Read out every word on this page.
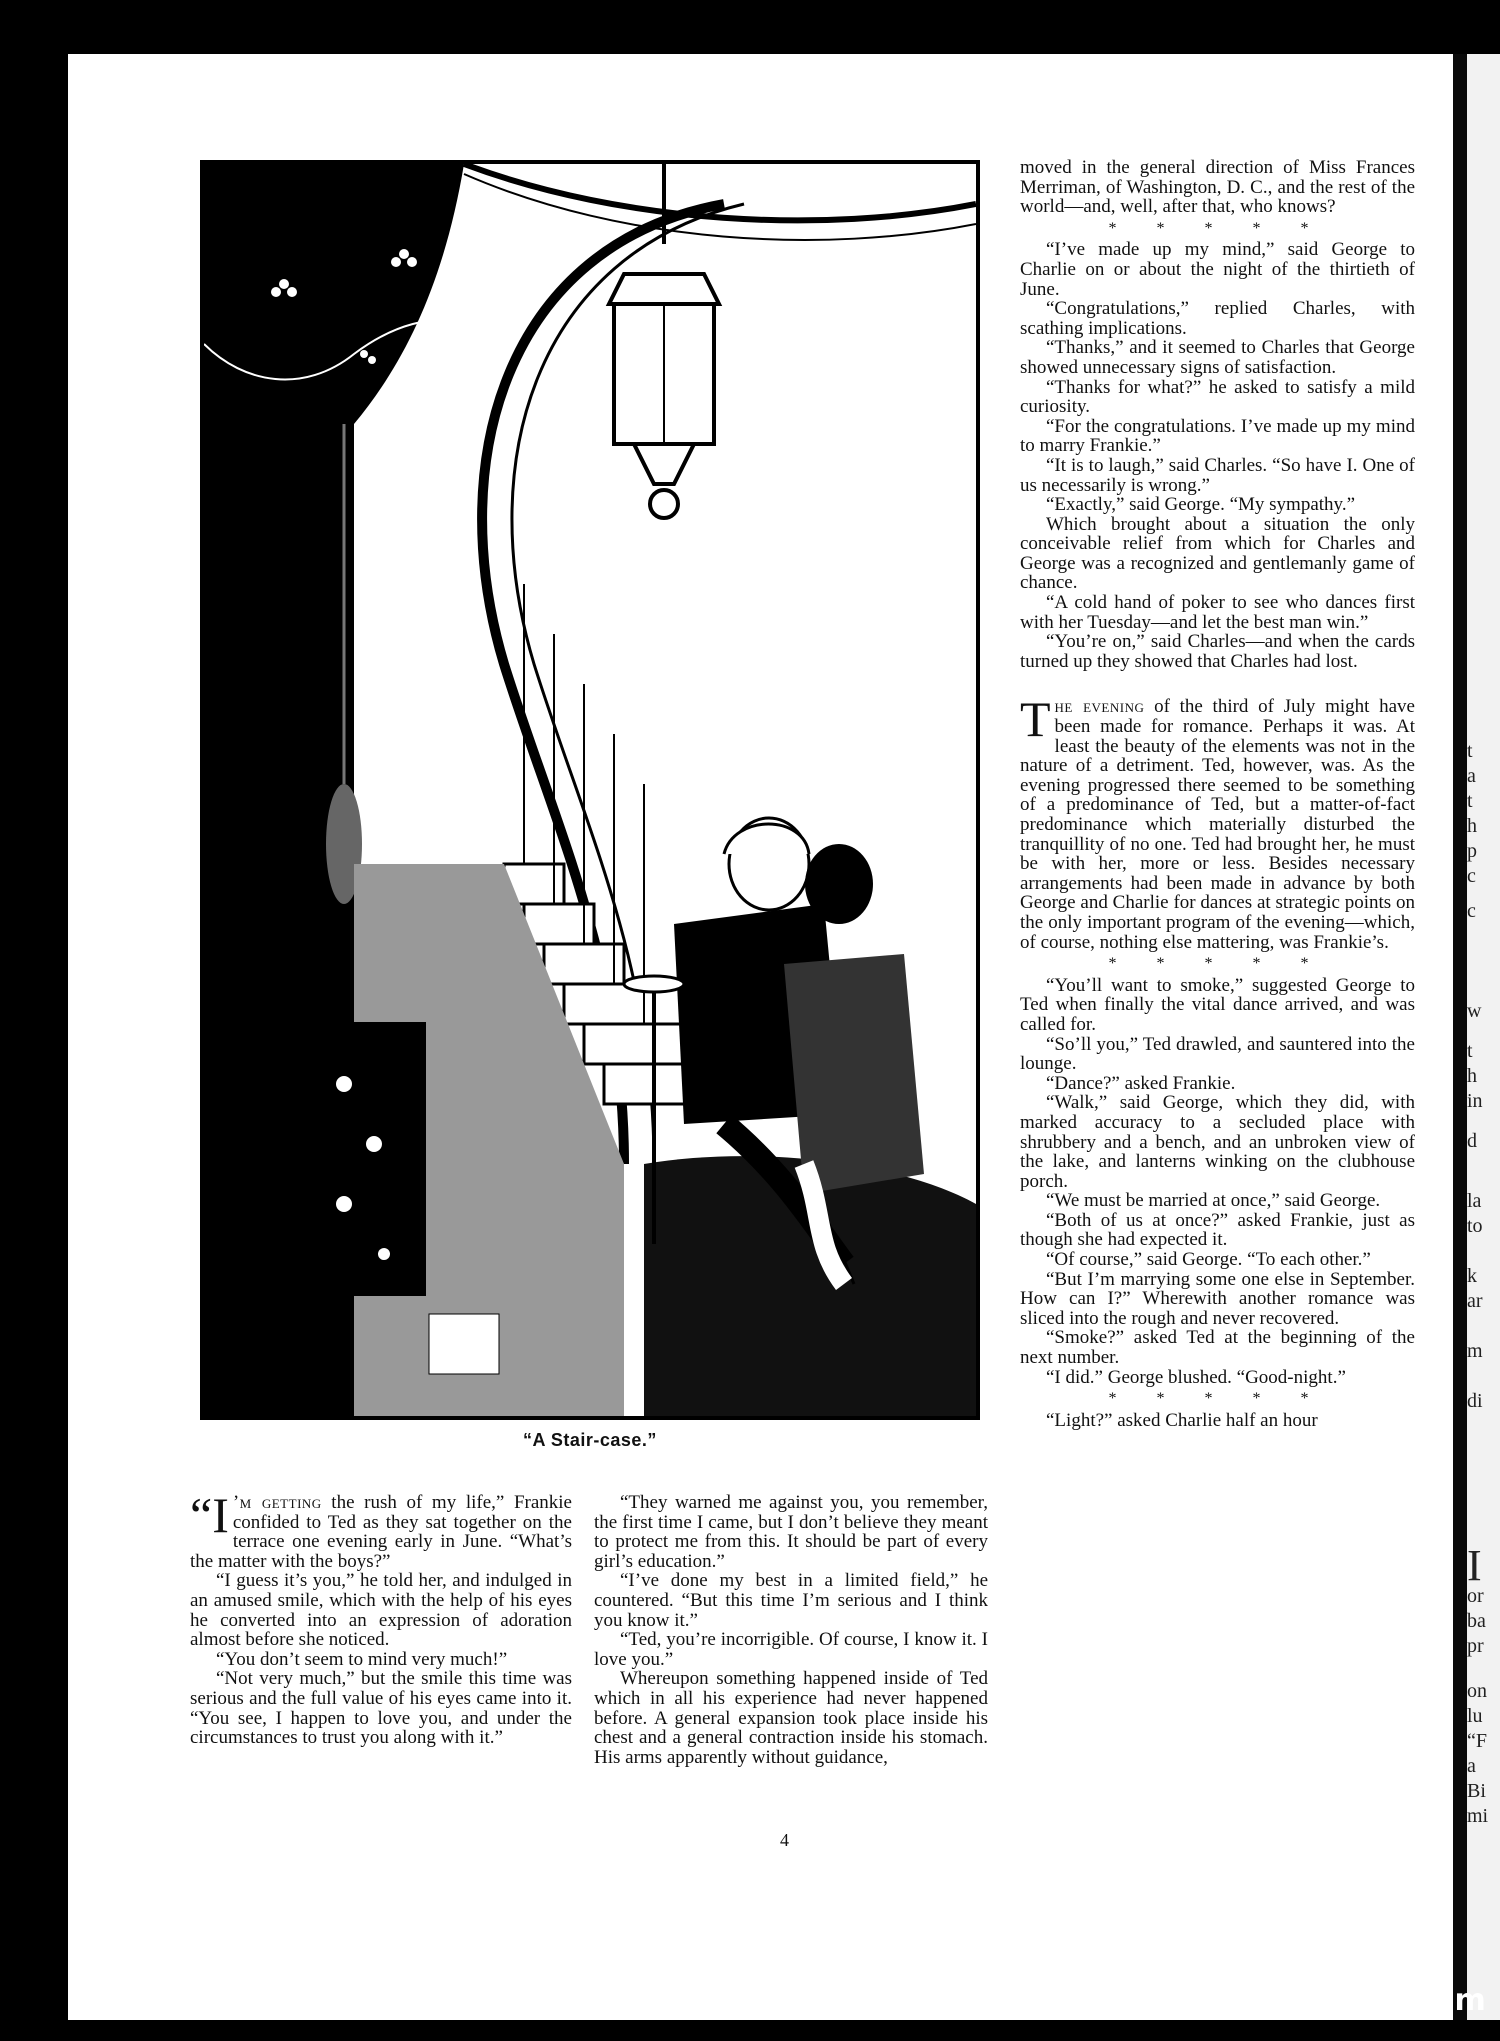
“A Stair-case.”

moved in the general direction of Miss Frances Merriman, of Washington, D. C., and the rest of the world—and, well, after that, who knows?

* * * * *

“I’ve made up my mind,” said George to Charlie on or about the night of the thirtieth of June.

“Congratulations,” replied Charles, with scathing implications.

“Thanks,” and it seemed to Charles that George showed unnecessary signs of satisfaction.

“Thanks for what?” he asked to satisfy a mild curiosity.

“For the congratulations. I’ve made up my mind to marry Frankie.”

“It is to laugh,” said Charles. “So have I. One of us necessarily is wrong.”

“Exactly,” said George. “My sympathy.”

Which brought about a situation the only conceivable relief from which for Charles and George was a recognized and gentlemanly game of chance.

“A cold hand of poker to see who dances first with her Tuesday—and let the best man win.”

“You’re on,” said Charles—and when the cards turned up they showed that Charles had lost.

The evening of the third of July might have been made for romance. Perhaps it was. At least the beauty of the elements was not in the nature of a detriment. Ted, however, was. As the evening progressed there seemed to be something of a predominance of Ted, but a matter-of-fact predominance which materially disturbed the tranquillity of no one. Ted had brought her, he must be with her, more or less. Besides necessary arrangements had been made in advance by both George and Charlie for dances at strategic points on the only important program of the evening—which, of course, nothing else mattering, was Frankie’s.

* * * * *

“You’ll want to smoke,” suggested George to Ted when finally the vital dance arrived, and was called for.

“So’ll you,” Ted drawled, and sauntered into the lounge.

“Dance?” asked Frankie.

“Walk,” said George, which they did, with marked accuracy to a secluded place with shrubbery and a bench, and an unbroken view of the lake, and lanterns winking on the clubhouse porch.

“We must be married at once,” said George.

“Both of us at once?” asked Frankie, just as though she had expected it.

“Of course,” said George. “To each other.”

“But I’m marrying some one else in September. How can I?” Wherewith another romance was sliced into the rough and never recovered.

“Smoke?” asked Ted at the beginning of the next number.

“I did.” George blushed. “Good-night.”

* * * * *

“Light?” asked Charlie half an hour

“I ’m getting the rush of my life,” Frankie confided to Ted as they sat together on the terrace one evening early in June. “What’s the matter with the boys?”

“I guess it’s you,” he told her, and indulged in an amused smile, which with the help of his eyes he converted into an expression of adoration almost before she noticed.

“You don’t seem to mind very much!”

“Not very much,” but the smile this time was serious and the full value of his eyes came into it. “You see, I happen to love you, and under the circumstances to trust you along with it.”

“They warned me against you, you remember, the first time I came, but I don’t believe they meant to protect me from this. It should be part of every girl’s education.”

“I’ve done my best in a limited field,” he countered. “But this time I’m serious and I think you know it.”

“Ted, you’re incorrigible. Of course, I know it. I love you.”

Whereupon something happened inside of Ted which in all his experience had never happened before. A general expansion took place inside his chest and a general contraction inside his stomach. His arms apparently without guidance,

4
t
a
t
h
p
c
c
w
t
h
in
d
la
to
k
ar
m
di
I
or
ba
pr
on
lu
“F
a
Bi
mi
comicbooks.com
